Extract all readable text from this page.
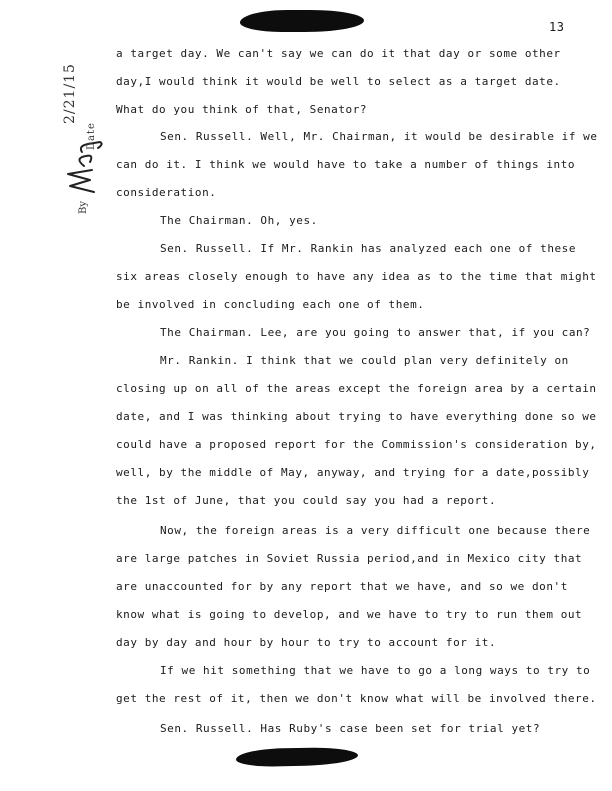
13
a target day. We can't say we can do it that day or some other
day,I would think it would be well to select as a target date.
What do you think of that, Senator?
Sen. Russell. Well, Mr. Chairman, it would be desirable if we
can do it. I think we would have to take a number of things into
consideration.
The Chairman. Oh, yes.
Sen. Russell. If Mr. Rankin has analyzed each one of these
six areas closely enough to have any idea as to the time that might
be involved in concluding each one of them.
The Chairman. Lee, are you going to answer that, if you can?
Mr. Rankin. I think that we could plan very definitely on
closing up on all of the areas except the foreign area by a certain
date, and I was thinking about trying to have everything done so we
could have a proposed report for the Commission's consideration by,
well, by the middle of May, anyway, and trying for a date,possibly
the 1st of June, that you could say you had a report.
Now, the foreign areas is a very difficult one because there
are large patches in Soviet Russia period,and in Mexico city that
are unaccounted for by any report that we have, and so we don't
know what is going to develop, and we have to try to run them out
day by day and hour by hour to try to account for it.
If we hit something that we have to go a long ways to try to
get the rest of it, then we don't know what will be involved there.
Sen. Russell. Has Ruby's case been set for trial yet?
By
Date
2/21/15
